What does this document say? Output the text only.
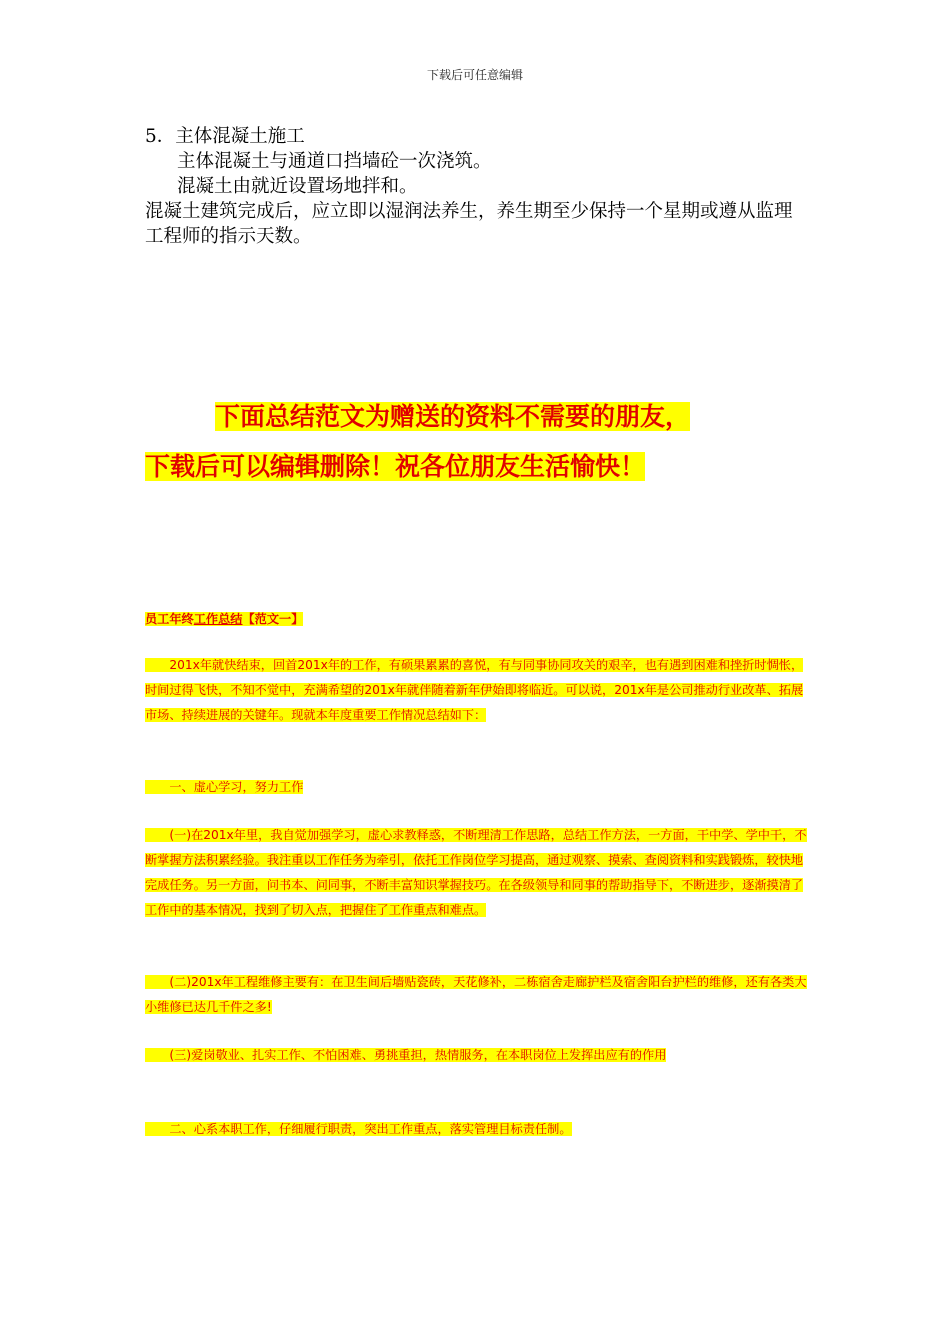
下载后可任意编辑

5．主体混凝土施工

主体混凝土与通道口挡墙砼一次浇筑。

混凝土由就近设置场地拌和。

混凝土建筑完成后，应立即以湿润法养生，养生期至少保持一个星期或遵从监理工程师的指示天数。

下面总结范文为赠送的资料不需要的朋友，
下载后可以编辑删除！祝各位朋友生活愉快！
员工年终工作总结【范文一】
　　201x年就快结束，回首201x年的工作，有硕果累累的喜悦，有与同事协同攻关的艰辛，也有遇到困难和挫折时惆怅，时间过得飞快，不知不觉中，充满希望的201x年就伴随着新年伊始即将临近。可以说，201x年是公司推动行业改革、拓展市场、持续进展的关键年。现就本年度重要工作情况总结如下：
　　一、虚心学习，努力工作
　　(一)在201x年里，我自觉加强学习，虚心求教释惑，不断理清工作思路，总结工作方法，一方面，干中学、学中干，不断掌握方法积累经验。我注重以工作任务为牵引，依托工作岗位学习提高，通过观察、摸索、查阅资料和实践锻炼，较快地完成任务。另一方面，问书本、问同事，不断丰富知识掌握技巧。在各级领导和同事的帮助指导下，不断进步，逐渐摸清了工作中的基本情况，找到了切入点，把握住了工作重点和难点。
　　(二)201x年工程维修主要有：在卫生间后墙贴瓷砖，天花修补，二栋宿舍走廊护栏及宿舍阳台护栏的维修，还有各类大小维修已达几千件之多!
　　(三)爱岗敬业、扎实工作、不怕困难、勇挑重担，热情服务，在本职岗位上发挥出应有的作用
　　二、心系本职工作，仔细履行职责，突出工作重点，落实管理目标责任制。
